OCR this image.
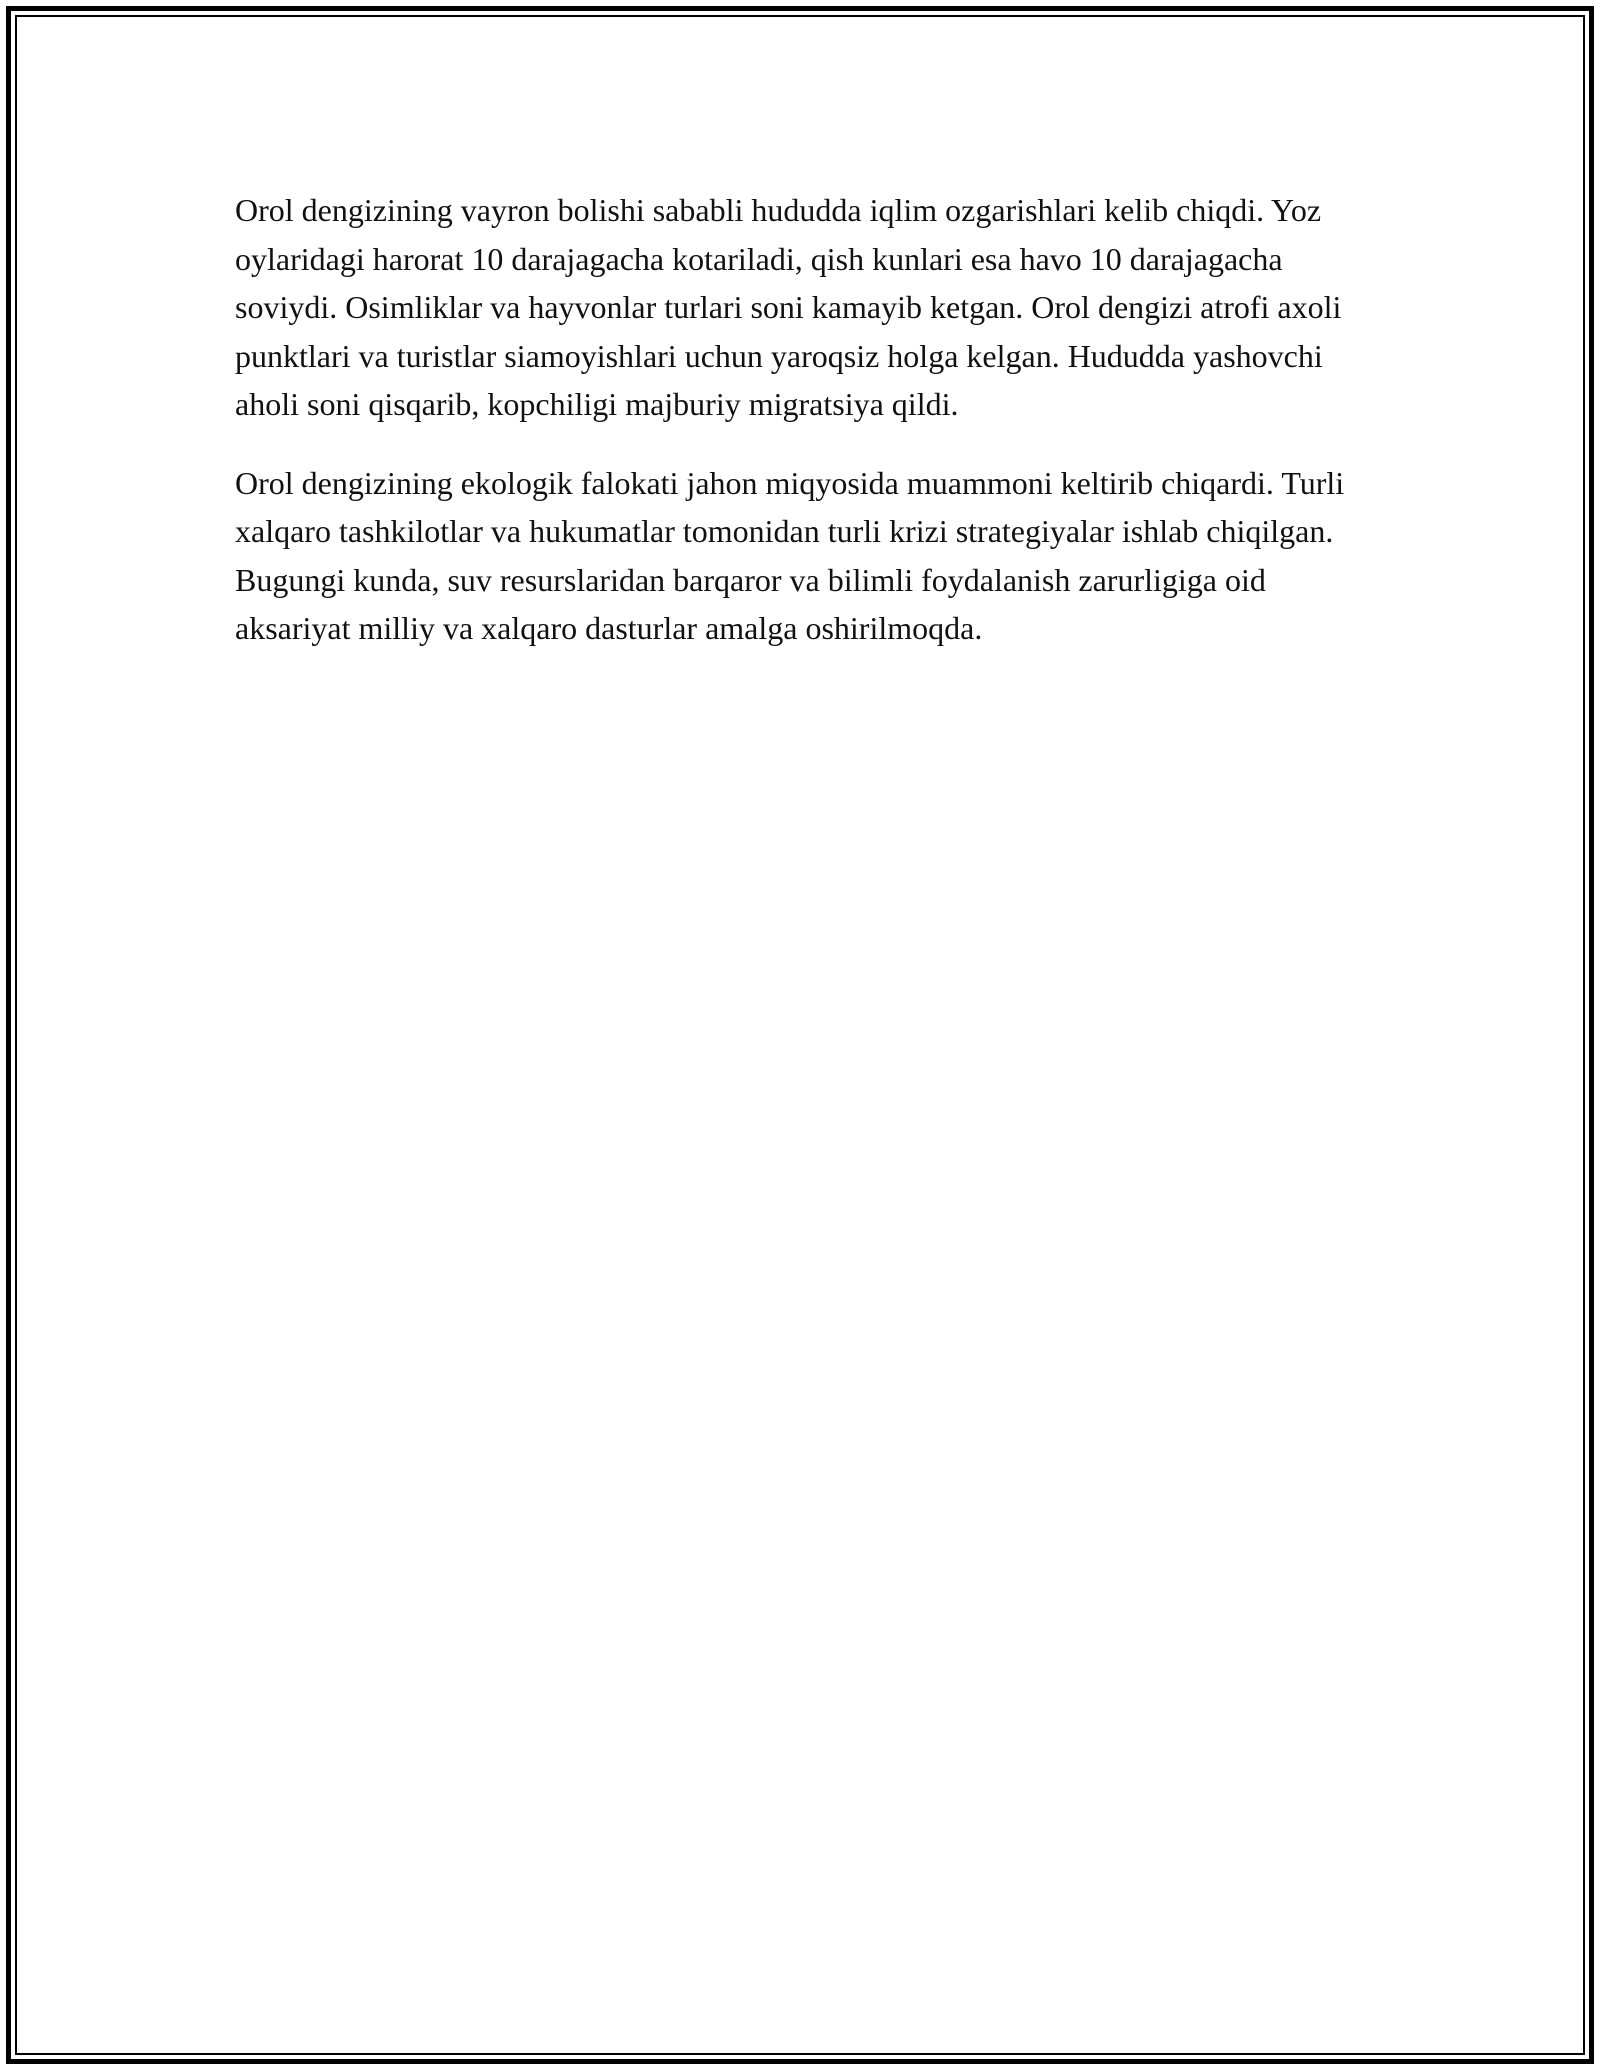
Orol dengizining vayron bolishi sababli hududda iqlim ozgarishlari kelib chiqdi. Yoz oylaridagi harorat 10 darajagacha kotariladi, qish kunlari esa havo 10 darajagacha soviydi. Osimliklar va hayvonlar turlari soni kamayib ketgan. Orol dengizi atrofi axoli punktlari va turistlar siamoyishlari uchun yaroqsiz holga kelgan. Hududda yashovchi aholi soni qisqarib, kopchiligi majburiy migratsiya qildi.

Orol dengizining ekologik falokati jahon miqyosida muammoni keltirib chiqardi. Turli xalqaro tashkilotlar va hukumatlar tomonidan turli krizi strategiyalar ishlab chiqilgan. Bugungi kunda, suv resurslaridan barqaror va bilimli foydalanish zarurligiga oid aksariyat milliy va xalqaro dasturlar amalga oshirilmoqda.
